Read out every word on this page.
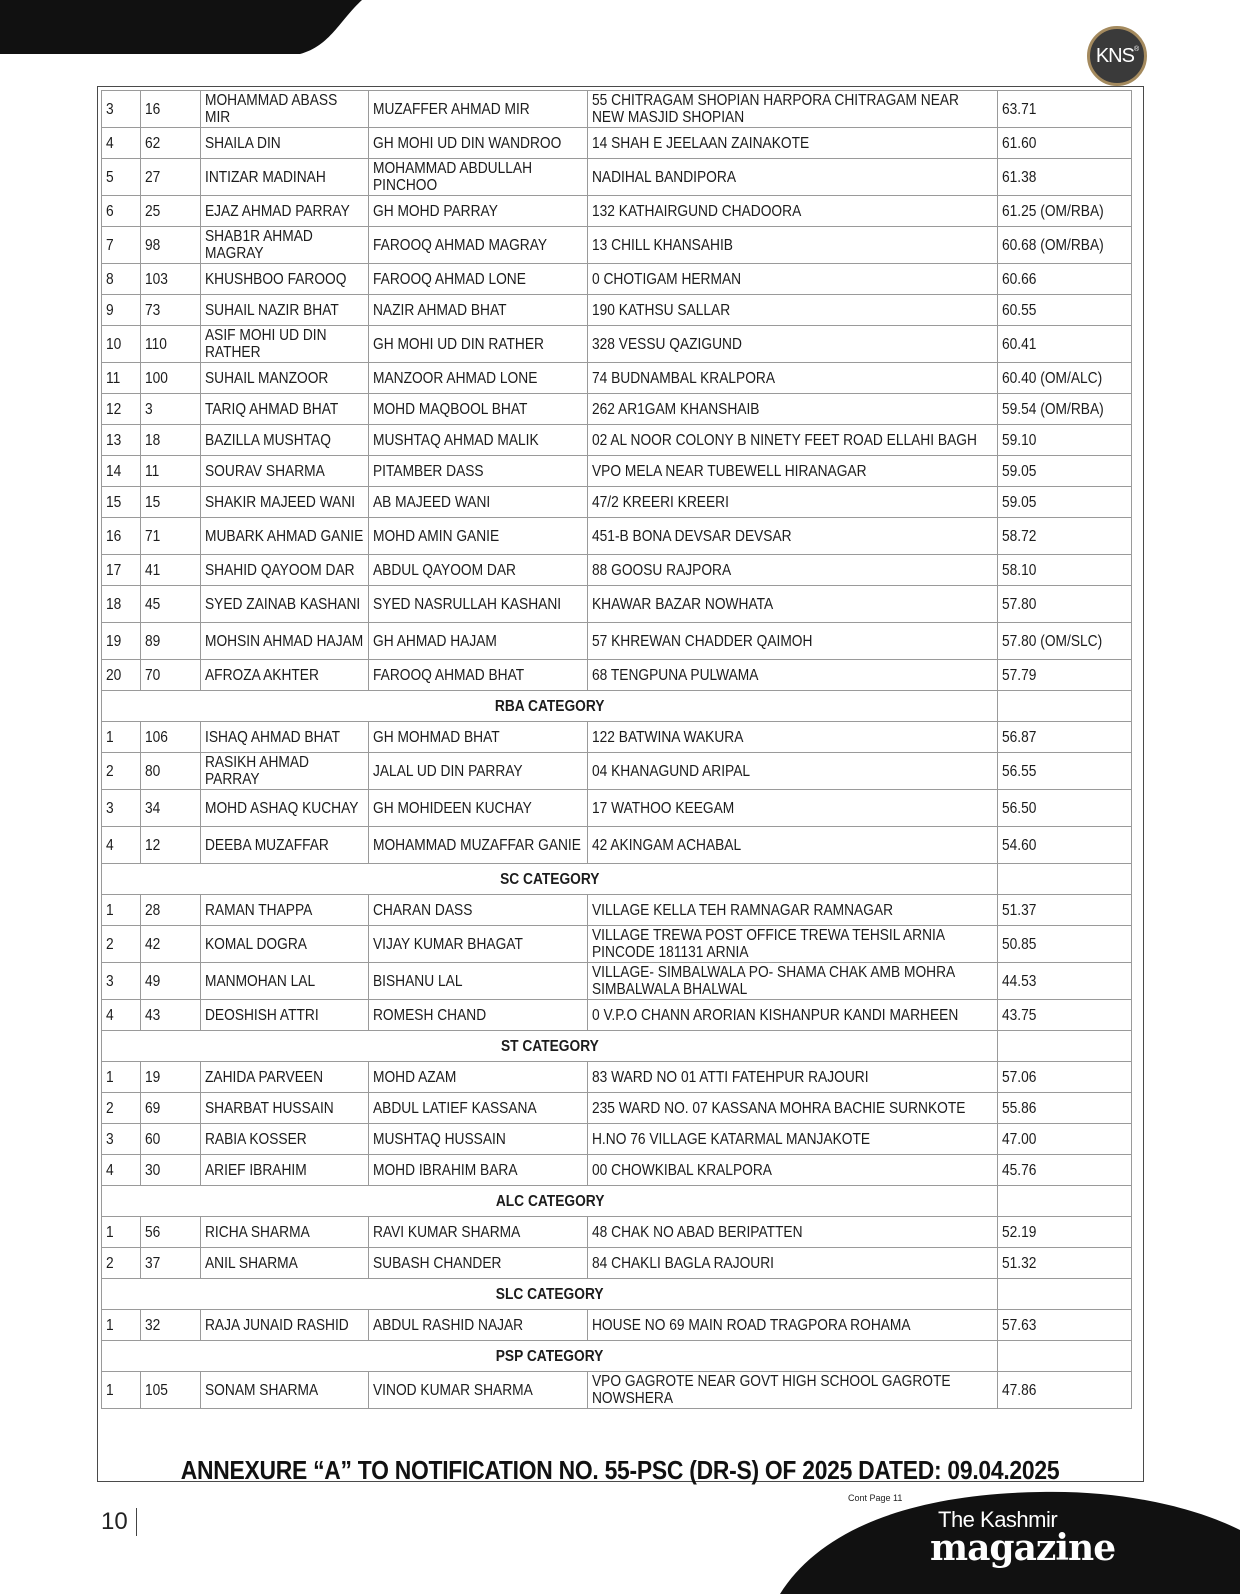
KNS®
3	16	MOHAMMAD ABASS MIR	MUZAFFER AHMAD MIR	55 CHITRAGAM SHOPIAN HARPORA CHITRAGAM NEAR NEW MASJID SHOPIAN	63.71
4	62	SHAILA DIN	GH MOHI UD DIN WANDROO	14 SHAH E JEELAAN ZAINAKOTE	61.60
5	27	INTIZAR MADINAH	MOHAMMAD ABDULLAH PINCHOO	NADIHAL BANDIPORA	61.38
6	25	EJAZ AHMAD PARRAY	GH MOHD PARRAY	132 KATHAIRGUND CHADOORA	61.25 (OM/RBA)
7	98	SHAB1R AHMAD MAGRAY	FAROOQ AHMAD MAGRAY	13 CHILL KHANSAHIB	60.68 (OM/RBA)
8	103	KHUSHBOO FAROOQ	FAROOQ AHMAD LONE	0 CHOTIGAM HERMAN	60.66
9	73	SUHAIL NAZIR BHAT	NAZIR AHMAD BHAT	190 KATHSU SALLAR	60.55
10	110	ASIF MOHI UD DIN RATHER	GH MOHI UD DIN RATHER	328 VESSU QAZIGUND	60.41
11	100	SUHAIL MANZOOR	MANZOOR AHMAD LONE	74 BUDNAMBAL KRALPORA	60.40 (OM/ALC)
12	3	TARIQ AHMAD BHAT	MOHD MAQBOOL BHAT	262 AR1GAM KHANSHAIB	59.54 (OM/RBA)
13	18	BAZILLA MUSHTAQ	MUSHTAQ AHMAD MALIK	02 AL NOOR COLONY B NINETY FEET ROAD ELLAHI BAGH	59.10
14	11	SOURAV SHARMA	PITAMBER DASS	VPO MELA NEAR TUBEWELL HIRANAGAR	59.05
15	15	SHAKIR MAJEED WANI	AB MAJEED WANI	47/2 KREERI KREERI	59.05
16	71	MUBARK AHMAD GANIE	MOHD AMIN GANIE	451-B BONA DEVSAR DEVSAR	58.72
17	41	SHAHID QAYOOM DAR	ABDUL QAYOOM DAR	88 GOOSU RAJPORA	58.10
18	45	SYED ZAINAB KASHANI	SYED NASRULLAH KASHANI	KHAWAR BAZAR NOWHATA	57.80
19	89	MOHSIN AHMAD HAJAM	GH AHMAD HAJAM	57 KHREWAN CHADDER QAIMOH	57.80 (OM/SLC)
20	70	AFROZA AKHTER	FAROOQ AHMAD BHAT	68 TENGPUNA PULWAMA	57.79
RBA CATEGORY					
1	106	ISHAQ AHMAD BHAT	GH MOHMAD BHAT	122 BATWINA WAKURA	56.87
2	80	RASIKH AHMAD PARRAY	JALAL UD DIN PARRAY	04 KHANAGUND ARIPAL	56.55
3	34	MOHD ASHAQ KUCHAY	GH MOHIDEEN KUCHAY	17 WATHOO KEEGAM	56.50
4	12	DEEBA MUZAFFAR	MOHAMMAD MUZAFFAR GANIE	42 AKINGAM ACHABAL	54.60
SC CATEGORY					
1	28	RAMAN THAPPA	CHARAN DASS	VILLAGE KELLA TEH RAMNAGAR RAMNAGAR	51.37
2	42	KOMAL DOGRA	VIJAY KUMAR BHAGAT	VILLAGE TREWA POST OFFICE TREWA TEHSIL ARNIA PINCODE 181131 ARNIA	50.85
3	49	MANMOHAN LAL	BISHANU LAL	VILLAGE- SIMBALWALA PO- SHAMA CHAK AMB MOHRA SIMBALWALA BHALWAL	44.53
4	43	DEOSHISH ATTRI	ROMESH CHAND	0 V.P.O CHANN ARORIAN KISHANPUR KANDI MARHEEN	43.75
ST CATEGORY					
1	19	ZAHIDA PARVEEN	MOHD AZAM	83 WARD NO 01 ATTI FATEHPUR RAJOURI	57.06
2	69	SHARBAT HUSSAIN	ABDUL LATIEF KASSANA	235 WARD NO. 07 KASSANA MOHRA BACHIE SURNKOTE	55.86
3	60	RABIA KOSSER	MUSHTAQ HUSSAIN	H.NO 76 VILLAGE KATARMAL MANJAKOTE	47.00
4	30	ARIEF IBRAHIM	MOHD IBRAHIM BARA	00 CHOWKIBAL KRALPORA	45.76
ALC CATEGORY					
1	56	RICHA SHARMA	RAVI KUMAR SHARMA	48 CHAK NO ABAD BERIPATTEN	52.19
2	37	ANIL SHARMA	SUBASH CHANDER	84 CHAKLI BAGLA RAJOURI	51.32
SLC CATEGORY					
1	32	RAJA JUNAID RASHID	ABDUL RASHID NAJAR	HOUSE NO 69 MAIN ROAD TRAGPORA ROHAMA	57.63
PSP CATEGORY					
1	105	SONAM SHARMA	VINOD KUMAR SHARMA	VPO GAGROTE NEAR GOVT HIGH SCHOOL GAGROTE NOWSHERA	47.86
ANNEXURE “A” TO NOTIFICATION NO. 55-PSC (DR-S) OF 2025 DATED: 09.04.2025
Cont Page 11
10	The Kashmir
magazine
